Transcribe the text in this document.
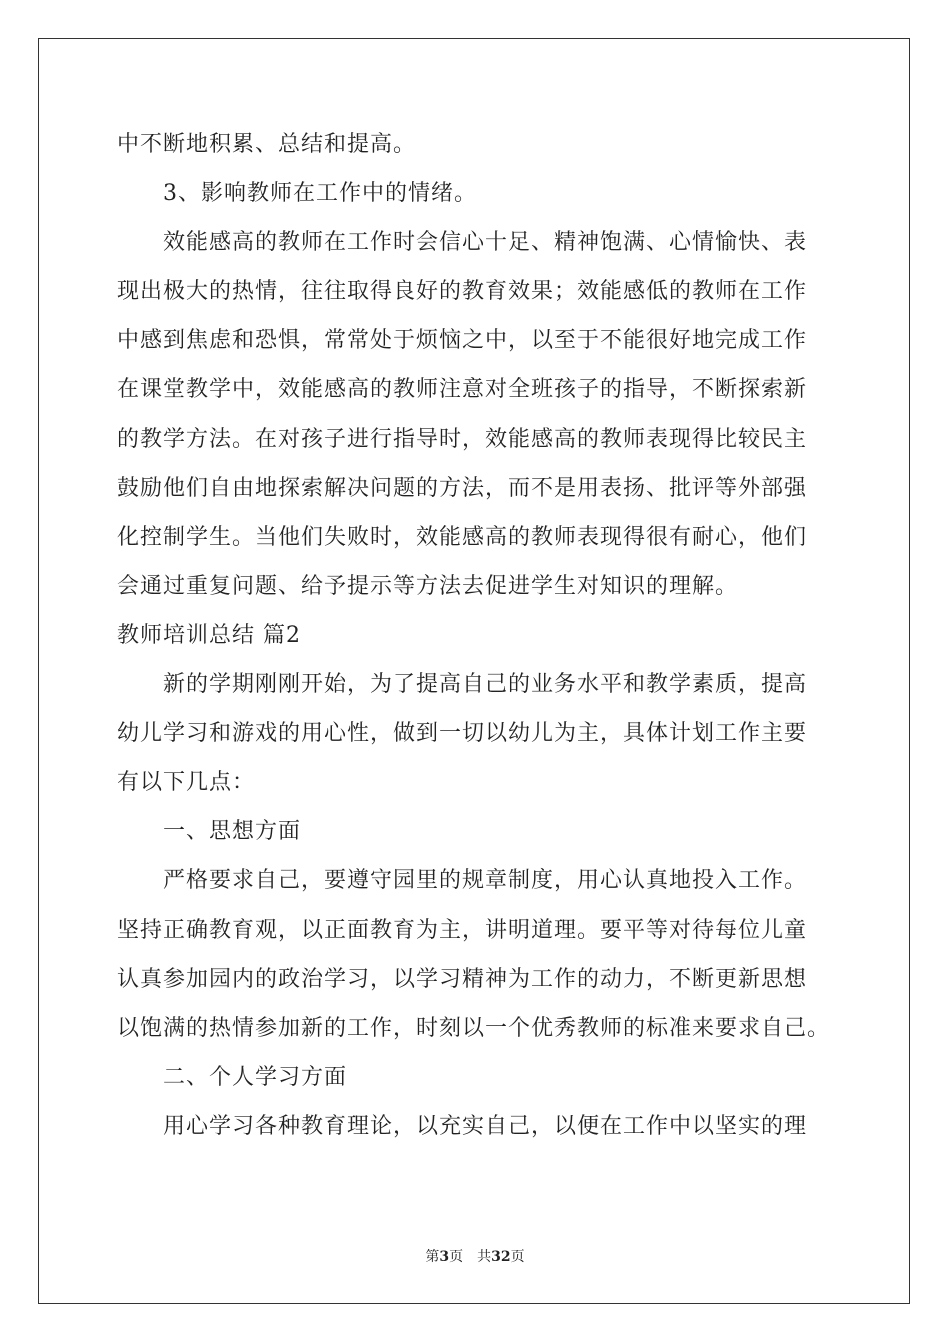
中不断地积累、总结和提高。
3、影响教师在工作中的情绪。
效能感高的教师在工作时会信心十足、精神饱满、心情愉快、表
现出极大的热情，往往取得良好的教育效果；效能感低的教师在工作
中感到焦虑和恐惧，常常处于烦恼之中，以至于不能很好地完成工作
在课堂教学中，效能感高的教师注意对全班孩子的指导，不断探索新
的教学方法。在对孩子进行指导时，效能感高的教师表现得比较民主
鼓励他们自由地探索解决问题的方法，而不是用表扬、批评等外部强
化控制学生。当他们失败时，效能感高的教师表现得很有耐心，他们
会通过重复问题、给予提示等方法去促进学生对知识的理解。
教师培训总结 篇2
新的学期刚刚开始，为了提高自己的业务水平和教学素质，提高
幼儿学习和游戏的用心性，做到一切以幼儿为主，具体计划工作主要
有以下几点：
一、思想方面
严格要求自己，要遵守园里的规章制度，用心认真地投入工作。
坚持正确教育观，以正面教育为主，讲明道理。要平等对待每位儿童
认真参加园内的政治学习，以学习精神为工作的动力，不断更新思想
以饱满的热情参加新的工作，时刻以一个优秀教师的标准来要求自己。
二、个人学习方面
用心学习各种教育理论，以充实自己，以便在工作中以坚实的理
第3页　共32页
